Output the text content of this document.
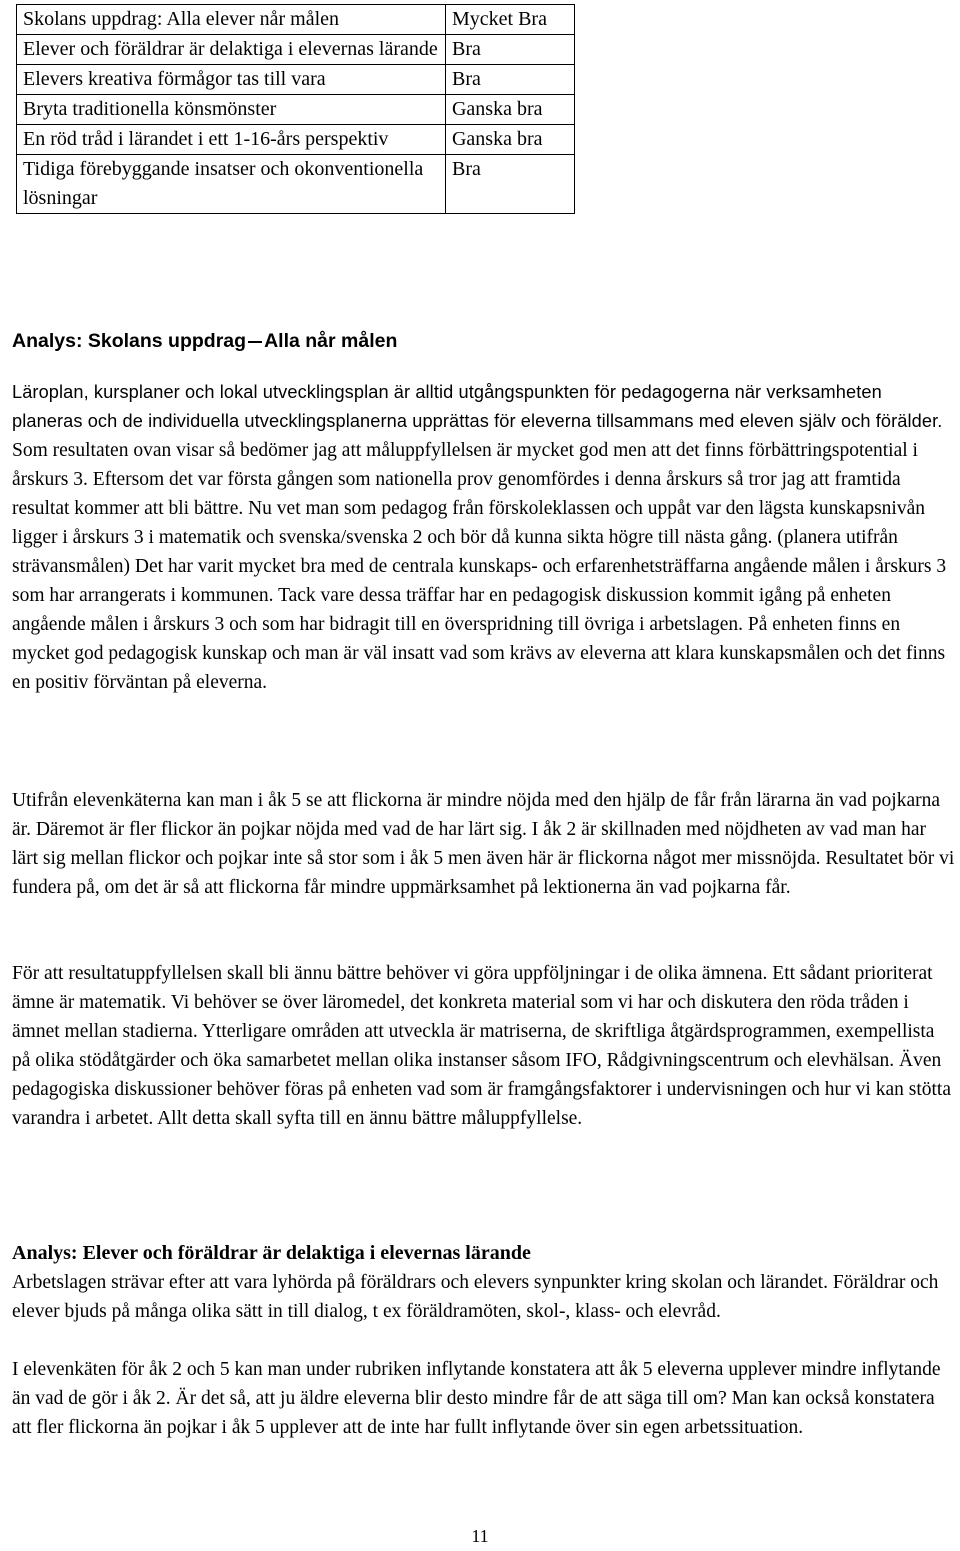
Skolans uppdrag: Alla elever når målen	Mycket Bra
Elever och föräldrar är delaktiga i elevernas lärande	Bra
Elevers kreativa förmågor tas till vara	Bra
Bryta traditionella könsmönster	Ganska bra
En röd tråd i lärandet i ett 1-16-års perspektiv	Ganska bra
Tidiga förebyggande insatser och okonventionella lösningar	Bra
Analys: Skolans uppdrag Alla når målen

Läroplan, kursplaner och lokal utvecklingsplan är alltid utgångspunkten för pedagogerna när verksamheten planeras och de individuella utvecklingsplanerna upprättas för eleverna tillsammans med eleven själv och förälder. Som resultaten ovan visar så bedömer jag att måluppfyllelsen är mycket god men att det finns förbättringspotential i årskurs 3. Eftersom det var första gången som nationella prov genomfördes i denna årskurs så tror jag att framtida resultat kommer att bli bättre. Nu vet man som pedagog från förskoleklassen och uppåt var den lägsta kunskapsnivån ligger i årskurs 3 i matematik och svenska/svenska 2 och bör då kunna sikta högre till nästa gång. (planera utifrån strävansmålen) Det har varit mycket bra med de centrala kunskaps- och erfarenhetsträffarna angående målen i årskurs 3 som har arrangerats i kommunen. Tack vare dessa träffar har en pedagogisk diskussion kommit igång på enheten angående målen i årskurs 3 och som har bidragit till en överspridning till övriga i arbetslagen. På enheten finns en mycket god pedagogisk kunskap och man är väl insatt vad som krävs av eleverna att klara kunskapsmålen och det finns en positiv förväntan på eleverna.

Utifrån elevenkäterna kan man i åk 5 se att flickorna är mindre nöjda med den hjälp de får från lärarna än vad pojkarna är. Däremot är fler flickor än pojkar nöjda med vad de har lärt sig. I åk 2 är skillnaden med nöjdheten av vad man har lärt sig mellan flickor och pojkar inte så stor som i åk 5 men även här är flickorna något mer missnöjda. Resultatet bör vi fundera på, om det är så att flickorna får mindre uppmärksamhet på lektionerna än vad pojkarna får.

För att resultatuppfyllelsen skall bli ännu bättre behöver vi göra uppföljningar i de olika ämnena. Ett sådant prioriterat ämne är matematik. Vi behöver se över läromedel, det konkreta material som vi har och diskutera den röda tråden i ämnet mellan stadierna. Ytterligare områden att utveckla är matriserna, de skriftliga åtgärdsprogrammen, exempellista på olika stödåtgärder och öka samarbetet mellan olika instanser såsom IFO, Rådgivningscentrum och elevhälsan. Även pedagogiska diskussioner behöver föras på enheten vad som är framgångsfaktorer i undervisningen och hur vi kan stötta varandra i arbetet. Allt detta skall syfta till en ännu bättre måluppfyllelse.

Analys: Elever och föräldrar är delaktiga i elevernas lärande

Arbetslagen strävar efter att vara lyhörda på föräldrars och elevers synpunkter kring skolan och lärandet. Föräldrar och elever bjuds på många olika sätt in till dialog, t ex föräldramöten, skol-, klass- och elevråd.

I elevenkäten för åk 2 och 5 kan man under rubriken inflytande konstatera att åk 5 eleverna upplever mindre inflytande än vad de gör i åk 2. Är det så, att ju äldre eleverna blir desto mindre får de att säga till om? Man kan också konstatera att fler flickorna än pojkar i åk 5 upplever att de inte har fullt inflytande över sin egen arbetssituation.

11
